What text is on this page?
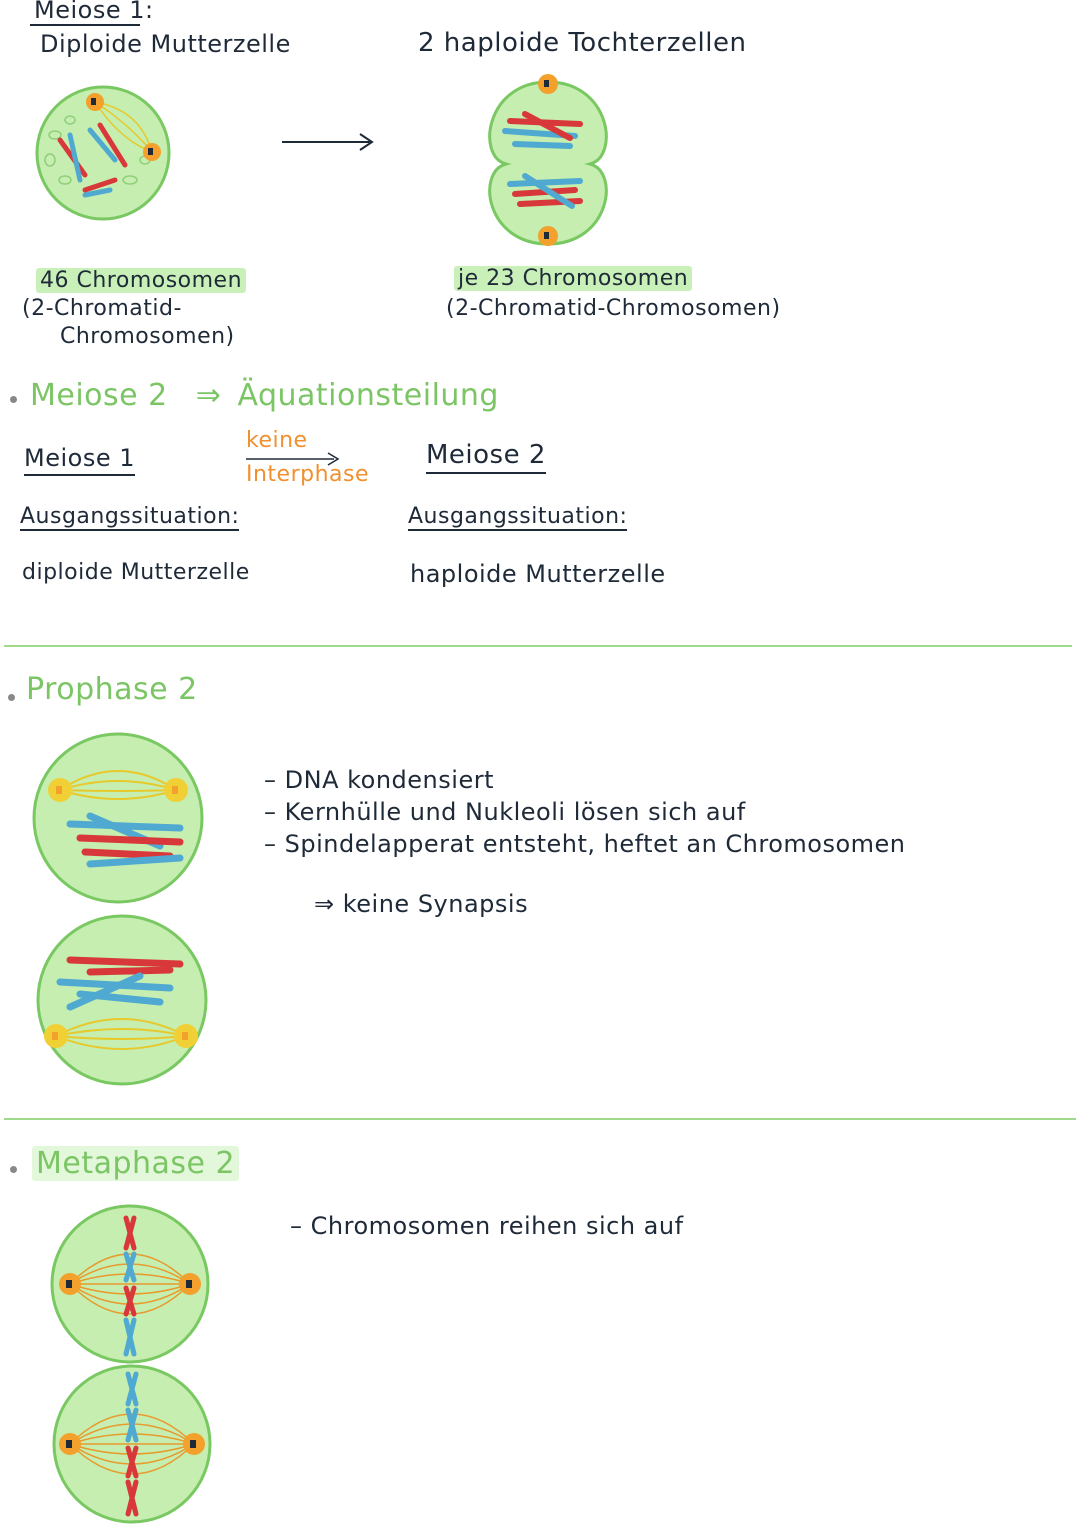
Meiose 1:
Diploide Mutterzelle	2 haploide Tochterzellen
46 Chromosomen
(2-Chromatid-
Chromosomen)
je 23 Chromosomen
(2-Chromatid-Chromosomen)
Meiose 2 ⇒ Äquationsteilung
Meiose 1
keine
Interphase
Meiose 2
Ausgangssituation:
diploide Mutterzelle
Ausgangssituation:
haploide Mutterzelle
Prophase 2
– DNA kondensiert
– Kernhülle und Nukleoli lösen sich auf
– Spindelapperat entsteht, heftet an Chromosomen
⇒ keine Synapsis
Metaphase 2
– Chromosomen reihen sich auf
